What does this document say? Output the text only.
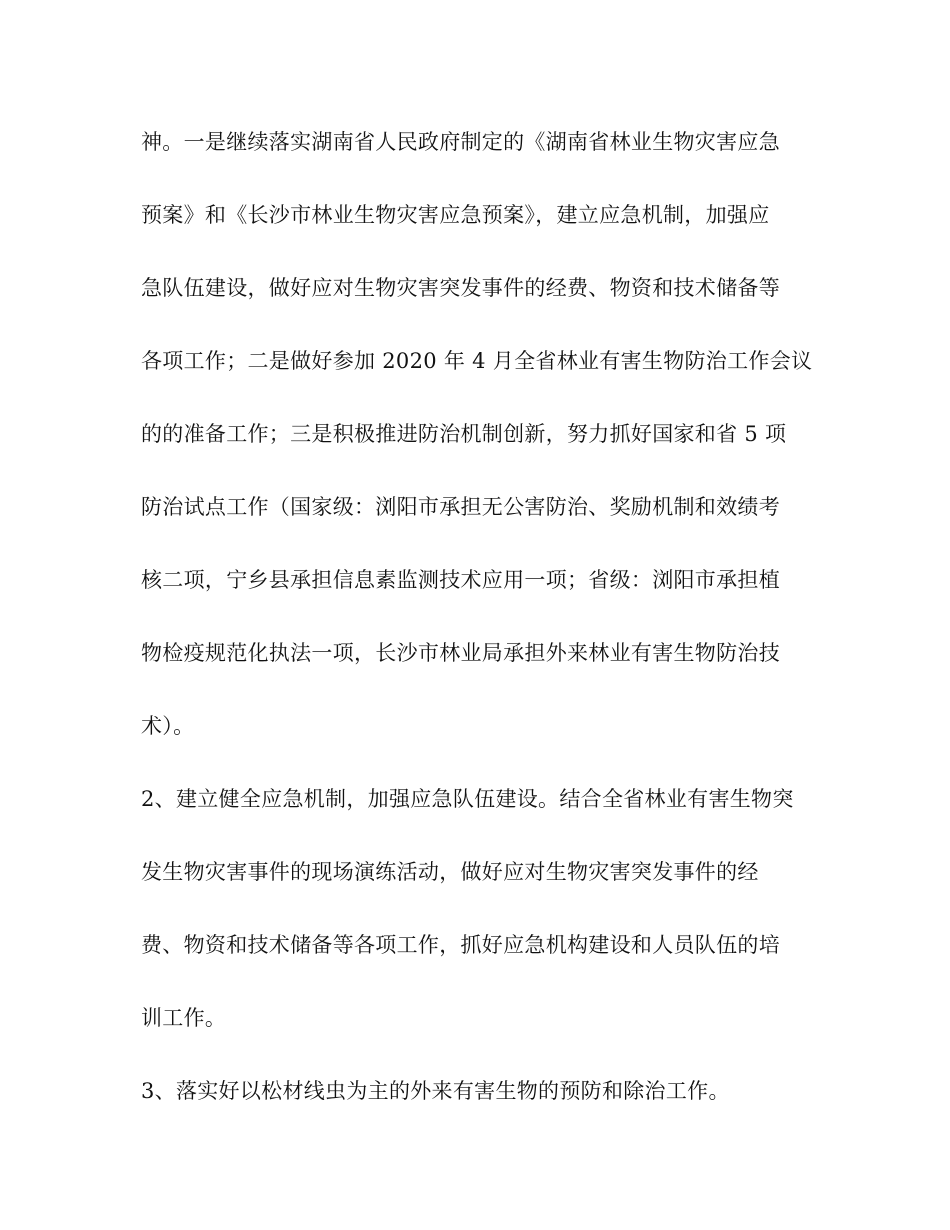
神。一是继续落实湖南省人民政府制定的《湖南省林业生物灾害应急
预案》和《长沙市林业生物灾害应急预案》，建立应急机制，加强应
急队伍建设，做好应对生物灾害突发事件的经费、物资和技术储备等
各项工作；二是做好参加 2020 年 4 月全省林业有害生物防治工作会议
的的准备工作；三是积极推进防治机制创新，努力抓好国家和省 5 项
防治试点工作（国家级：浏阳市承担无公害防治、奖励机制和效绩考
核二项，宁乡县承担信息素监测技术应用一项；省级：浏阳市承担植
物检疫规范化执法一项，长沙市林业局承担外来林业有害生物防治技
术）。
2、建立健全应急机制，加强应急队伍建设。结合全省林业有害生物突
发生物灾害事件的现场演练活动，做好应对生物灾害突发事件的经
费、物资和技术储备等各项工作，抓好应急机构建设和人员队伍的培
训工作。
3、落实好以松材线虫为主的外来有害生物的预防和除治工作。
